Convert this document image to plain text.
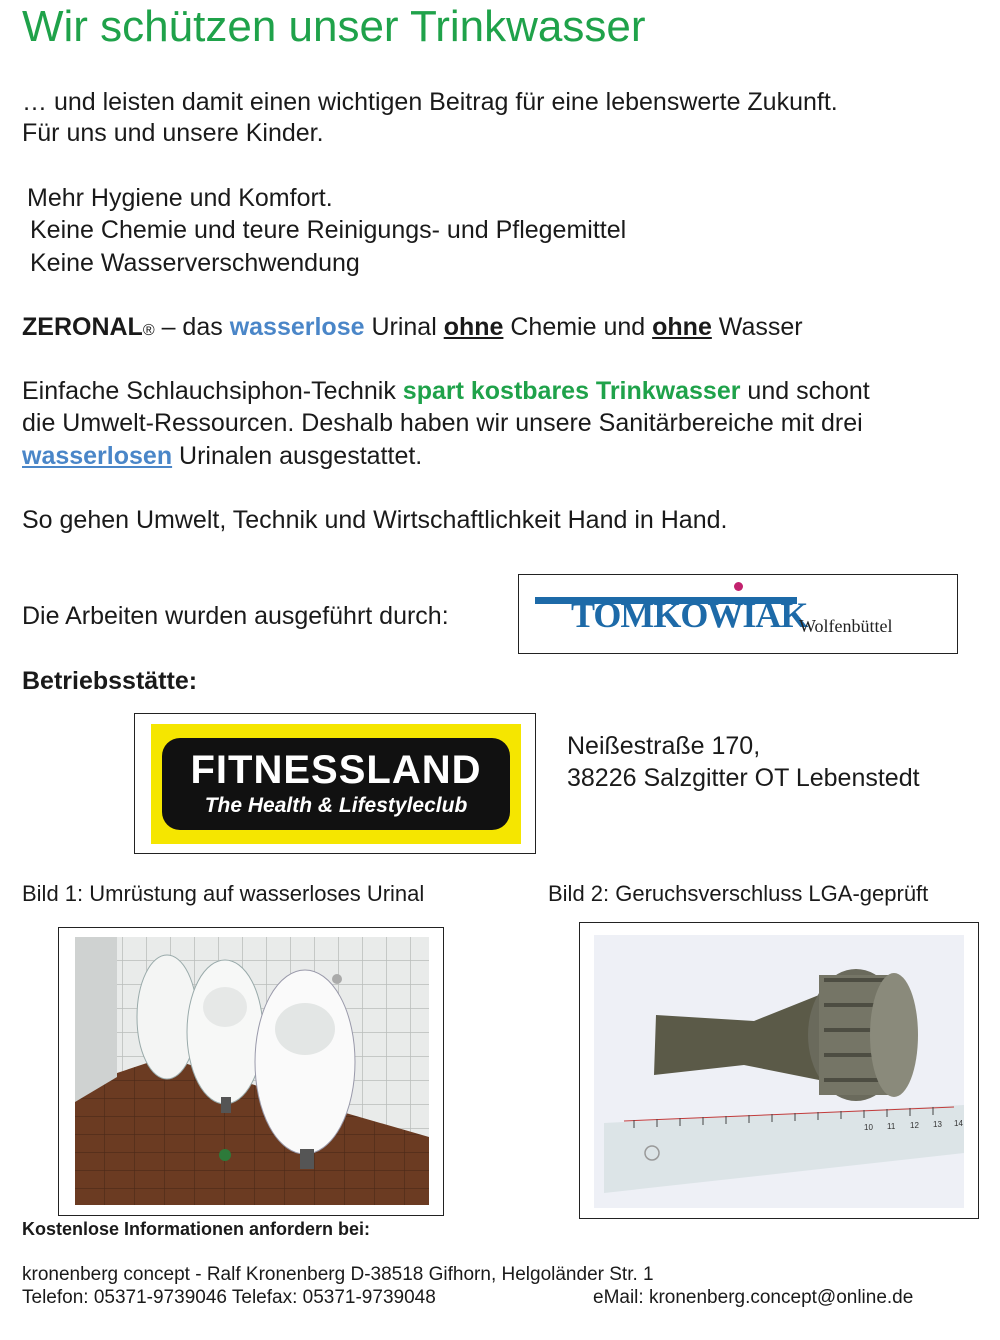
Wir schützen unser Trinkwasser
… und leisten damit einen wichtigen Beitrag für eine lebenswerte Zukunft.
Für uns und unsere Kinder.
Mehr Hygiene und Komfort.
Keine Chemie und teure Reinigungs- und Pflegemittel
Keine Wasserverschwendung
ZERONAL® – das wasserlose Urinal ohne Chemie und ohne Wasser
Einfache Schlauchsiphon-Technik spart kostbares Trinkwasser und schont
die Umwelt-Ressourcen. Deshalb haben wir unsere Sanitärbereiche mit drei
wasserlosen Urinalen ausgestattet.
So gehen Umwelt, Technik und Wirtschaftlichkeit Hand in Hand.
Die Arbeiten wurden ausgeführt durch:	TOMKOWIAK
Wolfenbüttel
Betriebsstätte:
FITNESSLAND
The Health & Lifestyleclub
Neißestraße 170,
38226 Salzgitter OT Lebenstedt
Bild 1: Umrüstung auf wasserloses Urinal	Bild 2: Geruchsverschluss LGA-geprüft
10 11 12 13 14
Kostenlose Informationen anfordern bei:
kronenberg concept - Ralf Kronenberg D-38518 Gifhorn, Helgoländer Str. 1
Telefon: 05371-9739046 Telefax: 05371-9739048	eMail: kronenberg.concept@online.de
